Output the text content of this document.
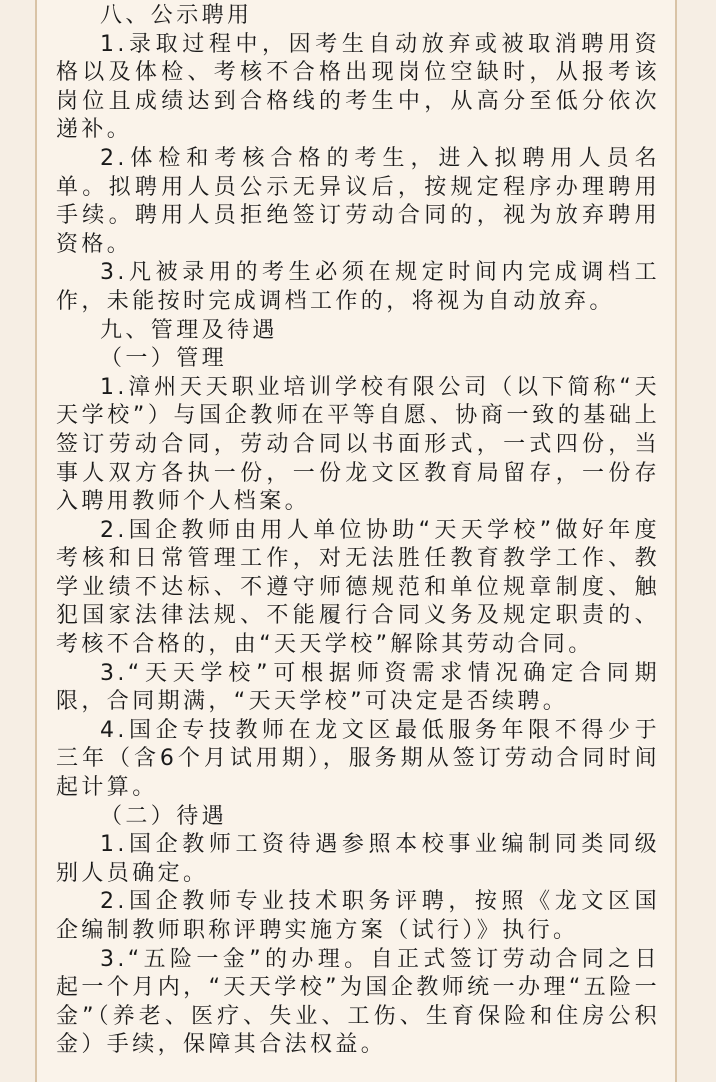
八、公示聘用

1.录取过程中，因考生自动放弃或被取消聘用资格以及体检、考核不合格出现岗位空缺时，从报考该岗位且成绩达到合格线的考生中，从高分至低分依次递补。

2.体检和考核合格的考生，进入拟聘用人员名单。拟聘用人员公示无异议后，按规定程序办理聘用手续。聘用人员拒绝签订劳动合同的，视为放弃聘用资格。

3.凡被录用的考生必须在规定时间内完成调档工作，未能按时完成调档工作的，将视为自动放弃。

九、管理及待遇

（一）管理

1.漳州天天职业培训学校有限公司（以下简称“天天学校”）与国企教师在平等自愿、协商一致的基础上签订劳动合同，劳动合同以书面形式，一式四份，当事人双方各执一份，一份龙文区教育局留存，一份存入聘用教师个人档案。

2.国企教师由用人单位协助“天天学校”做好年度考核和日常管理工作，对无法胜任教育教学工作、教学业绩不达标、不遵守师德规范和单位规章制度、触犯国家法律法规、不能履行合同义务及规定职责的、考核不合格的，由“天天学校”解除其劳动合同。

3.“天天学校”可根据师资需求情况确定合同期限，合同期满，“天天学校”可决定是否续聘。

4.国企专技教师在龙文区最低服务年限不得少于三年（含6个月试用期），服务期从签订劳动合同时间起计算。

（二）待遇

1.国企教师工资待遇参照本校事业编制同类同级别人员确定。

2.国企教师专业技术职务评聘，按照《龙文区国企编制教师职称评聘实施方案（试行）》执行。

3.“五险一金”的办理。自正式签订劳动合同之日起一个月内，“天天学校”为国企教师统一办理“五险一金”（养老、医疗、失业、工伤、生育保险和住房公积金）手续，保障其合法权益。
